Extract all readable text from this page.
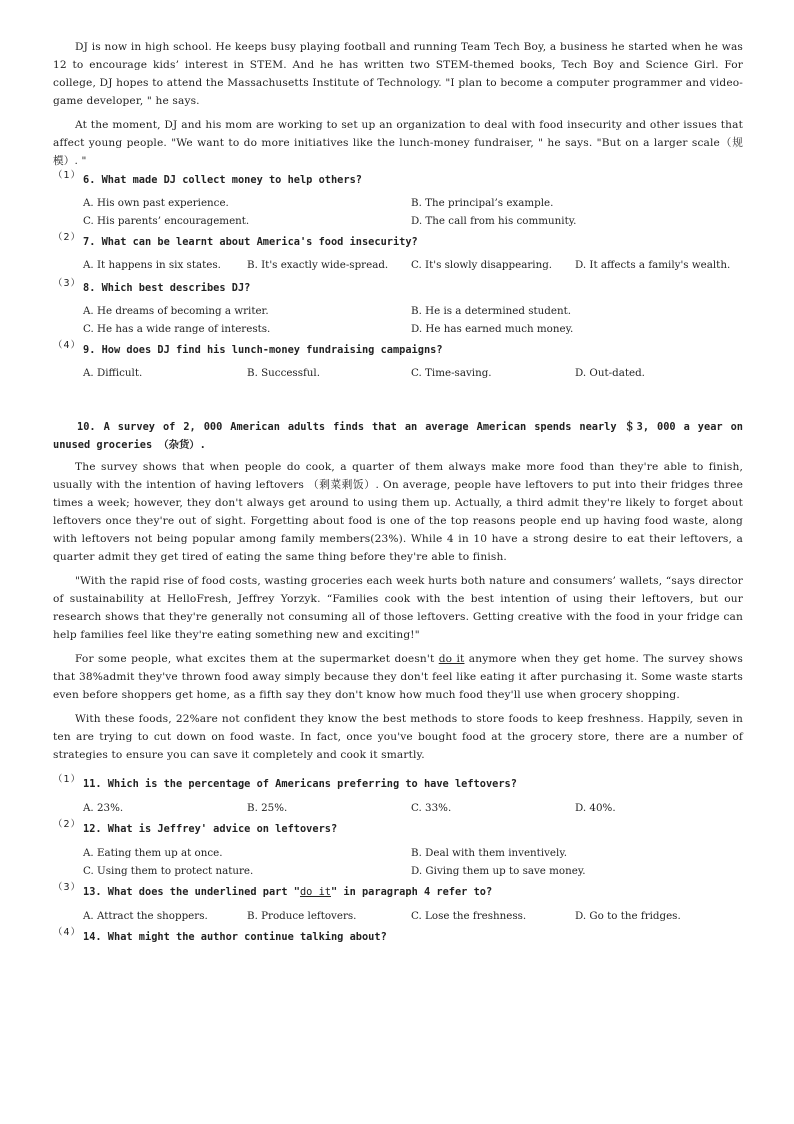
DJ is now in high school. He keeps busy playing football and running Team Tech Boy, a business he started when he was 12 to encourage kids’ interest in STEM. And he has written two STEM-themed books, Tech Boy and Science Girl. For college, DJ hopes to attend the Massachusetts Institute of Technology. "I plan to become a computer programmer and video-game developer, " he says.

At the moment, DJ and his mom are working to set up an organization to deal with food insecurity and other issues that affect young people. "We want to do more initiatives like the lunch-money fundraiser, " he says. "But on a larger scale（规模）. "

（1） 6. What made DJ collect money to help others?
A. His own past experience.	B. The principal’s example.
C. His parents’ encouragement.	D. The call from his community.
（2） 7. What can be learnt about America's food insecurity?
A. It happens in six states.	B. It's exactly wide-spread.	C. It's slowly disappearing.	D. It affects a family's wealth.
（3） 8. Which best describes DJ?
A. He dreams of becoming a writer.	B. He is a determined student.
C. He has a wide range of interests.	D. He has earned much money.
（4） 9. How does DJ find his lunch-money fundraising campaigns?
A. Difficult.	B. Successful.	C. Time-saving.	D. Out-dated.

10. A survey of 2, 000 American adults finds that an average American spends nearly ＄3, 000 a year on unused groceries （杂货）.

The survey shows that when people do cook, a quarter of them always make more food than they're able to finish, usually with the intention of having leftovers （剩菜剩饭）. On average, people have leftovers to put into their fridges three times a week; however, they don't always get around to using them up. Actually, a third admit they're likely to forget about leftovers once they're out of sight. Forgetting about food is one of the top reasons people end up having food waste, along with leftovers not being popular among family members(23%). While 4 in 10 have a strong desire to eat their leftovers, a quarter admit they get tired of eating the same thing before they're able to finish.

"With the rapid rise of food costs, wasting groceries each week hurts both nature and consumers’ wallets, “says director of sustainability at HelloFresh, Jeffrey Yorzyk. “Families cook with the best intention of using their leftovers, but our research shows that they're generally not consuming all of those leftovers. Getting creative with the food in your fridge can help families feel like they're eating something new and exciting!"

For some people, what excites them at the supermarket doesn't do it anymore when they get home. The survey shows that 38%admit they've thrown food away simply because they don't feel like eating it after purchasing it. Some waste starts even before shoppers get home, as a fifth say they don't know how much food they'll use when grocery shopping.

With these foods, 22%are not confident they know the best methods to store foods to keep freshness. Happily, seven in ten are trying to cut down on food waste. In fact, once you've bought food at the grocery store, there are a number of strategies to ensure you can save it completely and cook it smartly.

（1） 11. Which is the percentage of Americans preferring to have leftovers?
A. 23%.	B. 25%.	C. 33%.	D. 40%.
（2） 12. What is Jeffrey' advice on leftovers?
A. Eating them up at once.	B. Deal with them inventively.
C. Using them to protect nature.	D. Giving them up to save money.
（3） 13. What does the underlined part "do it" in paragraph 4 refer to?
A. Attract the shoppers.	B. Produce leftovers.	C. Lose the freshness.	D. Go to the fridges.
（4） 14. What might the author continue talking about?
